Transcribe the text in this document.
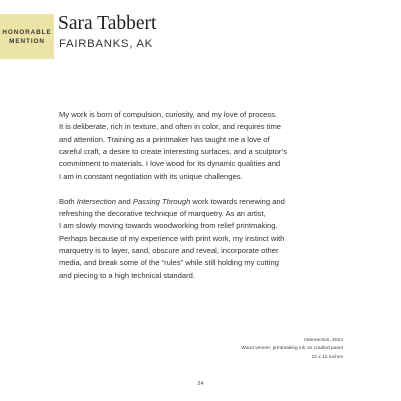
HONORABLE
MENTION
Sara Tabbert
FAIRBANKS, AK

My work is born of compulsion, curiosity, and my love of process.

It is deliberate, rich in texture, and often in color, and requires time

and attention. Training as a printmaker has taught me a love of

careful craft, a desire to create interesting surfaces, and a sculptor’s

commitment to materials. I love wood for its dynamic qualities and

I am in constant negotiation with its unique challenges.

Both Intersection and Passing Through work towards renewing and

refreshing the decorative technique of marquetry. As an artist,

I am slowly moving towards woodworking from relief printmaking.

Perhaps because of my experience with print work, my instinct with

marquetry is to layer, sand, obscure and reveal, incorporate other

media, and break some of the “rules” while still holding my cutting

and piecing to a high technical standard.

Intersection, 2024
Wood veneer, printmaking ink on cradled panel
12 x 12 inches
24
